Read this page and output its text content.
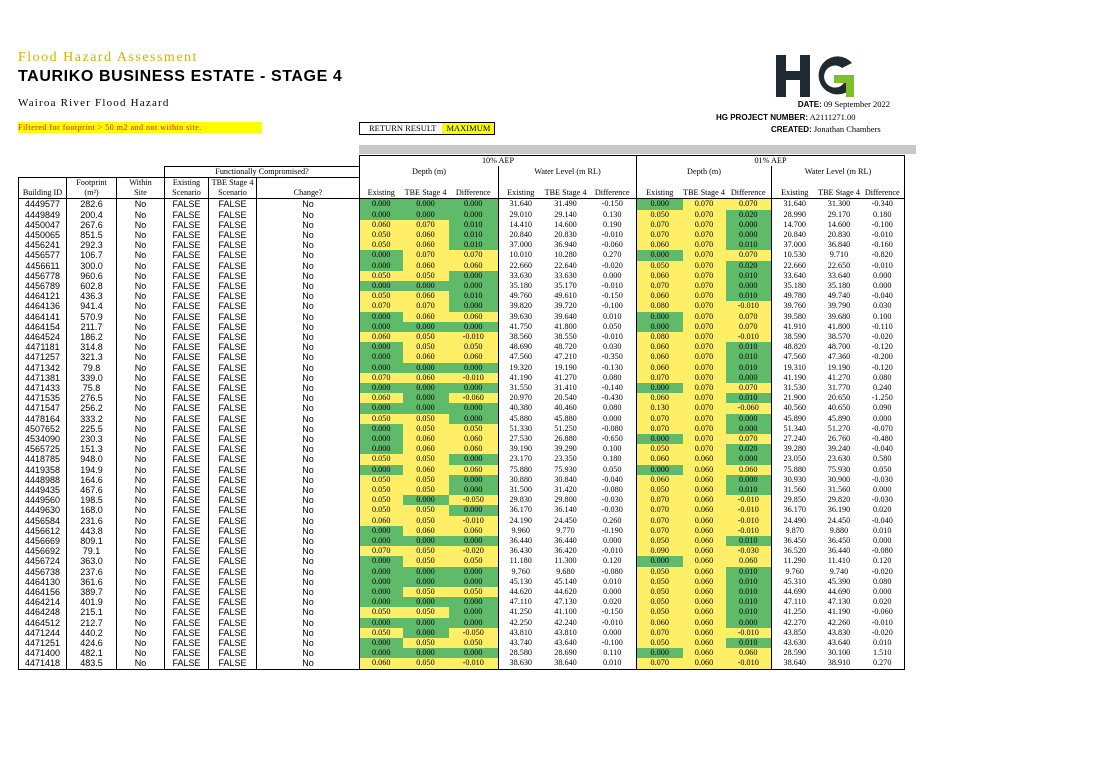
Flood Hazard Assessment
TAURIKO BUSINESS ESTATE - STAGE 4
Wairoa River Flood Hazard
Filtered for footprint > 50 m2 and not within site.	RETURN RESULT	MAXIMUM
DATE: 09 September 2022
HG PROJECT NUMBER: A2111271.00
CREATED: Jonathan Chambers
						10% AEP						01% AEP					
			Functionally Compromised?			Depth (m)			Water Level (m RL)			Depth (m)			Water Level (m RL)		
	Footprint	Within	Existing	TBE Stage 4													
Building ID	(m²)	Site	Scenario	Scenario	Change?	Existing	TBE Stage 4	Difference	Existing	TBE Stage 4	Difference	Existing	TBE Stage 4	Difference	Existing	TBE Stage 4	Difference
4449577	282.6	No	FALSE	FALSE	No	0.000	0.000	0.000	31.640	31.490	-0.150	0.000	0.070	0.070	31.640	31.300	-0.340
4449849	200.4	No	FALSE	FALSE	No	0.000	0.000	0.000	29.010	29.140	0.130	0.050	0.070	0.020	28.990	29.170	0.180
4450047	267.6	No	FALSE	FALSE	No	0.060	0.070	0.010	14.410	14.600	0.190	0.070	0.070	0.000	14.700	14.600	-0.100
4450065	851.5	No	FALSE	FALSE	No	0.050	0.060	0.010	20.840	20.830	-0.010	0.070	0.070	0.000	20.840	20.830	-0.010
4456241	292.3	No	FALSE	FALSE	No	0.050	0.060	0.010	37.000	36.940	-0.060	0.060	0.070	0.010	37.000	36.840	-0.160
4456577	106.7	No	FALSE	FALSE	No	0.000	0.070	0.070	10.010	10.280	0.270	0.000	0.070	0.070	10.530	9.710	-0.820
4456611	300.0	No	FALSE	FALSE	No	0.000	0.060	0.060	22.660	22.640	-0.020	0.050	0.070	0.020	22.660	22.650	-0.010
4456778	960.6	No	FALSE	FALSE	No	0.050	0.050	0.000	33.630	33.630	0.000	0.060	0.070	0.010	33.640	33.640	0.000
4456789	602.8	No	FALSE	FALSE	No	0.000	0.000	0.000	35.180	35.170	-0.010	0.070	0.070	0.000	35.180	35.180	0.000
4464121	436.3	No	FALSE	FALSE	No	0.050	0.060	0.010	49.760	49.610	-0.150	0.060	0.070	0.010	49.780	49.740	-0.040
4464136	941.4	No	FALSE	FALSE	No	0.070	0.070	0.000	39.820	39.720	-0.100	0.080	0.070	-0.010	39.760	39.790	0.030
4464141	570.9	No	FALSE	FALSE	No	0.000	0.060	0.060	39.630	39.640	0.010	0.000	0.070	0.070	39.580	39.680	0.100
4464154	211.7	No	FALSE	FALSE	No	0.000	0.000	0.000	41.750	41.800	0.050	0.000	0.070	0.070	41.910	41.800	-0.110
4464524	186.2	No	FALSE	FALSE	No	0.060	0.050	-0.010	38.560	38.550	-0.010	0.080	0.070	-0.010	38.590	38.570	-0.020
4471181	314.8	No	FALSE	FALSE	No	0.000	0.050	0.050	48.690	48.720	0.030	0.060	0.070	0.010	48.820	48.700	-0.120
4471257	321.3	No	FALSE	FALSE	No	0.000	0.060	0.060	47.560	47.210	-0.350	0.060	0.070	0.010	47.560	47.360	-0.200
4471342	79.8	No	FALSE	FALSE	No	0.000	0.000	0.000	19.320	19.190	-0.130	0.060	0.070	0.010	19.310	19.190	-0.120
4471381	339.0	No	FALSE	FALSE	No	0.070	0.060	-0.010	41.190	41.270	0.080	0.070	0.070	0.000	41.190	41.270	0.080
4471433	75.8	No	FALSE	FALSE	No	0.000	0.000	0.000	31.550	31.410	-0.140	0.000	0.070	0.070	31.530	31.770	0.240
4471535	276.5	No	FALSE	FALSE	No	0.060	0.000	-0.060	20.970	20.540	-0.430	0.060	0.070	0.010	21.900	20.650	-1.250
4471547	256.2	No	FALSE	FALSE	No	0.000	0.000	0.000	40.380	40.460	0.080	0.130	0.070	-0.060	40.560	40.650	0.090
4478164	333.2	No	FALSE	FALSE	No	0.050	0.050	0.000	45.880	45.880	0.000	0.070	0.070	0.000	45.890	45.890	0.000
4507652	225.5	No	FALSE	FALSE	No	0.000	0.050	0.050	51.330	51.250	-0.080	0.070	0.070	0.000	51.340	51.270	-0.070
4534090	230.3	No	FALSE	FALSE	No	0.000	0.060	0.060	27.530	26.880	-0.650	0.000	0.070	0.070	27.240	26.760	-0.480
4565725	151.3	No	FALSE	FALSE	No	0.000	0.060	0.060	39.190	39.290	0.100	0.050	0.070	0.020	39.280	39.240	-0.040
4418785	948.0	No	FALSE	FALSE	No	0.050	0.050	0.000	23.170	23.350	0.180	0.060	0.060	0.000	23.050	23.630	0.580
4419358	194.9	No	FALSE	FALSE	No	0.000	0.060	0.060	75.880	75.930	0.050	0.000	0.060	0.060	75.880	75.930	0.050
4448988	164.6	No	FALSE	FALSE	No	0.050	0.050	0.000	30.880	30.840	-0.040	0.060	0.060	0.000	30.930	30.900	-0.030
4449435	467.6	No	FALSE	FALSE	No	0.050	0.050	0.000	31.500	31.420	-0.080	0.050	0.060	0.010	31.560	31.560	0.000
4449560	198.5	No	FALSE	FALSE	No	0.050	0.000	-0.050	29.830	29.800	-0.030	0.070	0.060	-0.010	29.850	29.820	-0.030
4449630	168.0	No	FALSE	FALSE	No	0.050	0.050	0.000	36.170	36.140	-0.030	0.070	0.060	-0.010	36.170	36.190	0.020
4456584	231.6	No	FALSE	FALSE	No	0.060	0.050	-0.010	24.190	24.450	0.260	0.070	0.060	-0.010	24.490	24.450	-0.040
4456612	443.8	No	FALSE	FALSE	No	0.000	0.060	0.060	9.960	9.770	-0.190	0.070	0.060	-0.010	9.870	9.880	0.010
4456669	809.1	No	FALSE	FALSE	No	0.000	0.000	0.000	36.440	36.440	0.000	0.050	0.060	0.010	36.450	36.450	0.000
4456692	79.1	No	FALSE	FALSE	No	0.070	0.050	-0.020	36.430	36.420	-0.010	0.090	0.060	-0.030	36.520	36.440	-0.080
4456724	363.0	No	FALSE	FALSE	No	0.000	0.050	0.050	11.180	11.300	0.120	0.000	0.060	0.060	11.290	11.410	0.120
4456738	237.6	No	FALSE	FALSE	No	0.000	0.000	0.000	9.760	9.680	-0.080	0.050	0.060	0.010	9.760	9.740	-0.020
4464130	361.6	No	FALSE	FALSE	No	0.000	0.000	0.000	45.130	45.140	0.010	0.050	0.060	0.010	45.310	45.390	0.080
4464156	389.7	No	FALSE	FALSE	No	0.000	0.050	0.050	44.620	44.620	0.000	0.050	0.060	0.010	44.690	44.690	0.000
4464214	401.9	No	FALSE	FALSE	No	0.000	0.000	0.000	47.110	47.130	0.020	0.050	0.060	0.010	47.110	47.130	0.020
4464248	215.1	No	FALSE	FALSE	No	0.050	0.050	0.000	41.250	41.100	-0.150	0.050	0.060	0.010	41.250	41.190	-0.060
4464512	212.7	No	FALSE	FALSE	No	0.000	0.000	0.000	42.250	42.240	-0.010	0.060	0.060	0.000	42.270	42.260	-0.010
4471244	440.2	No	FALSE	FALSE	No	0.050	0.000	-0.050	43.810	43.810	0.000	0.070	0.060	-0.010	43.850	43.830	-0.020
4471251	424.6	No	FALSE	FALSE	No	0.000	0.050	0.050	43.740	43.640	-0.100	0.050	0.060	0.010	43.630	43.640	0.010
4471400	482.1	No	FALSE	FALSE	No	0.000	0.000	0.000	28.580	28.690	0.110	0.000	0.060	0.060	28.590	30.100	1.510
4471418	483.5	No	FALSE	FALSE	No	0.060	0.050	-0.010	38.630	38.640	0.010	0.070	0.060	-0.010	38.640	38.910	0.270
